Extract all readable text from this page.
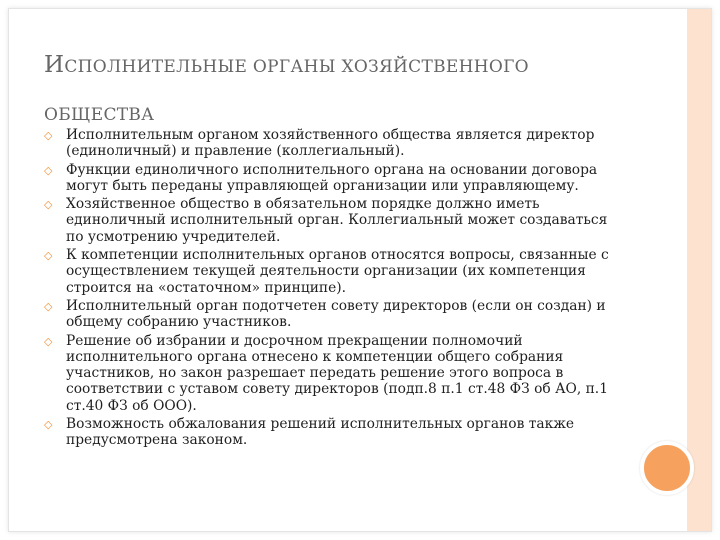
ИСПОЛНИТЕЛЬНЫЕ ОРГАНЫ ХОЗЯЙСТВЕННОГО
ОБЩЕСТВА
◇ Исполнительным органом хозяйственного общества является директор (единоличный) и правление (коллегиальный).
◇ Функции единоличного исполнительного органа на основании договора могут быть переданы управляющей организации или управляющему.
◇ Хозяйственное общество в обязательном порядке должно иметь единоличный исполнительный орган. Коллегиальный может создаваться по усмотрению учредителей.
◇ К компетенции исполнительных органов относятся вопросы, связанные с осуществлением текущей деятельности организации (их компетенция строится на «остаточном» принципе).
◇ Исполнительный орган подотчетен совету директоров (если он создан) и общему собранию участников.
◇ Решение об избрании и досрочном прекращении полномочий исполнительного органа отнесено к компетенции общего собрания участников, но закон разрешает передать решение этого вопроса в соответствии с уставом совету директоров (подп.8 п.1 ст.48 ФЗ об АО, п.1 ст.40 ФЗ об ООО).
◇ Возможность обжалования решений исполнительных органов также предусмотрена законом.
